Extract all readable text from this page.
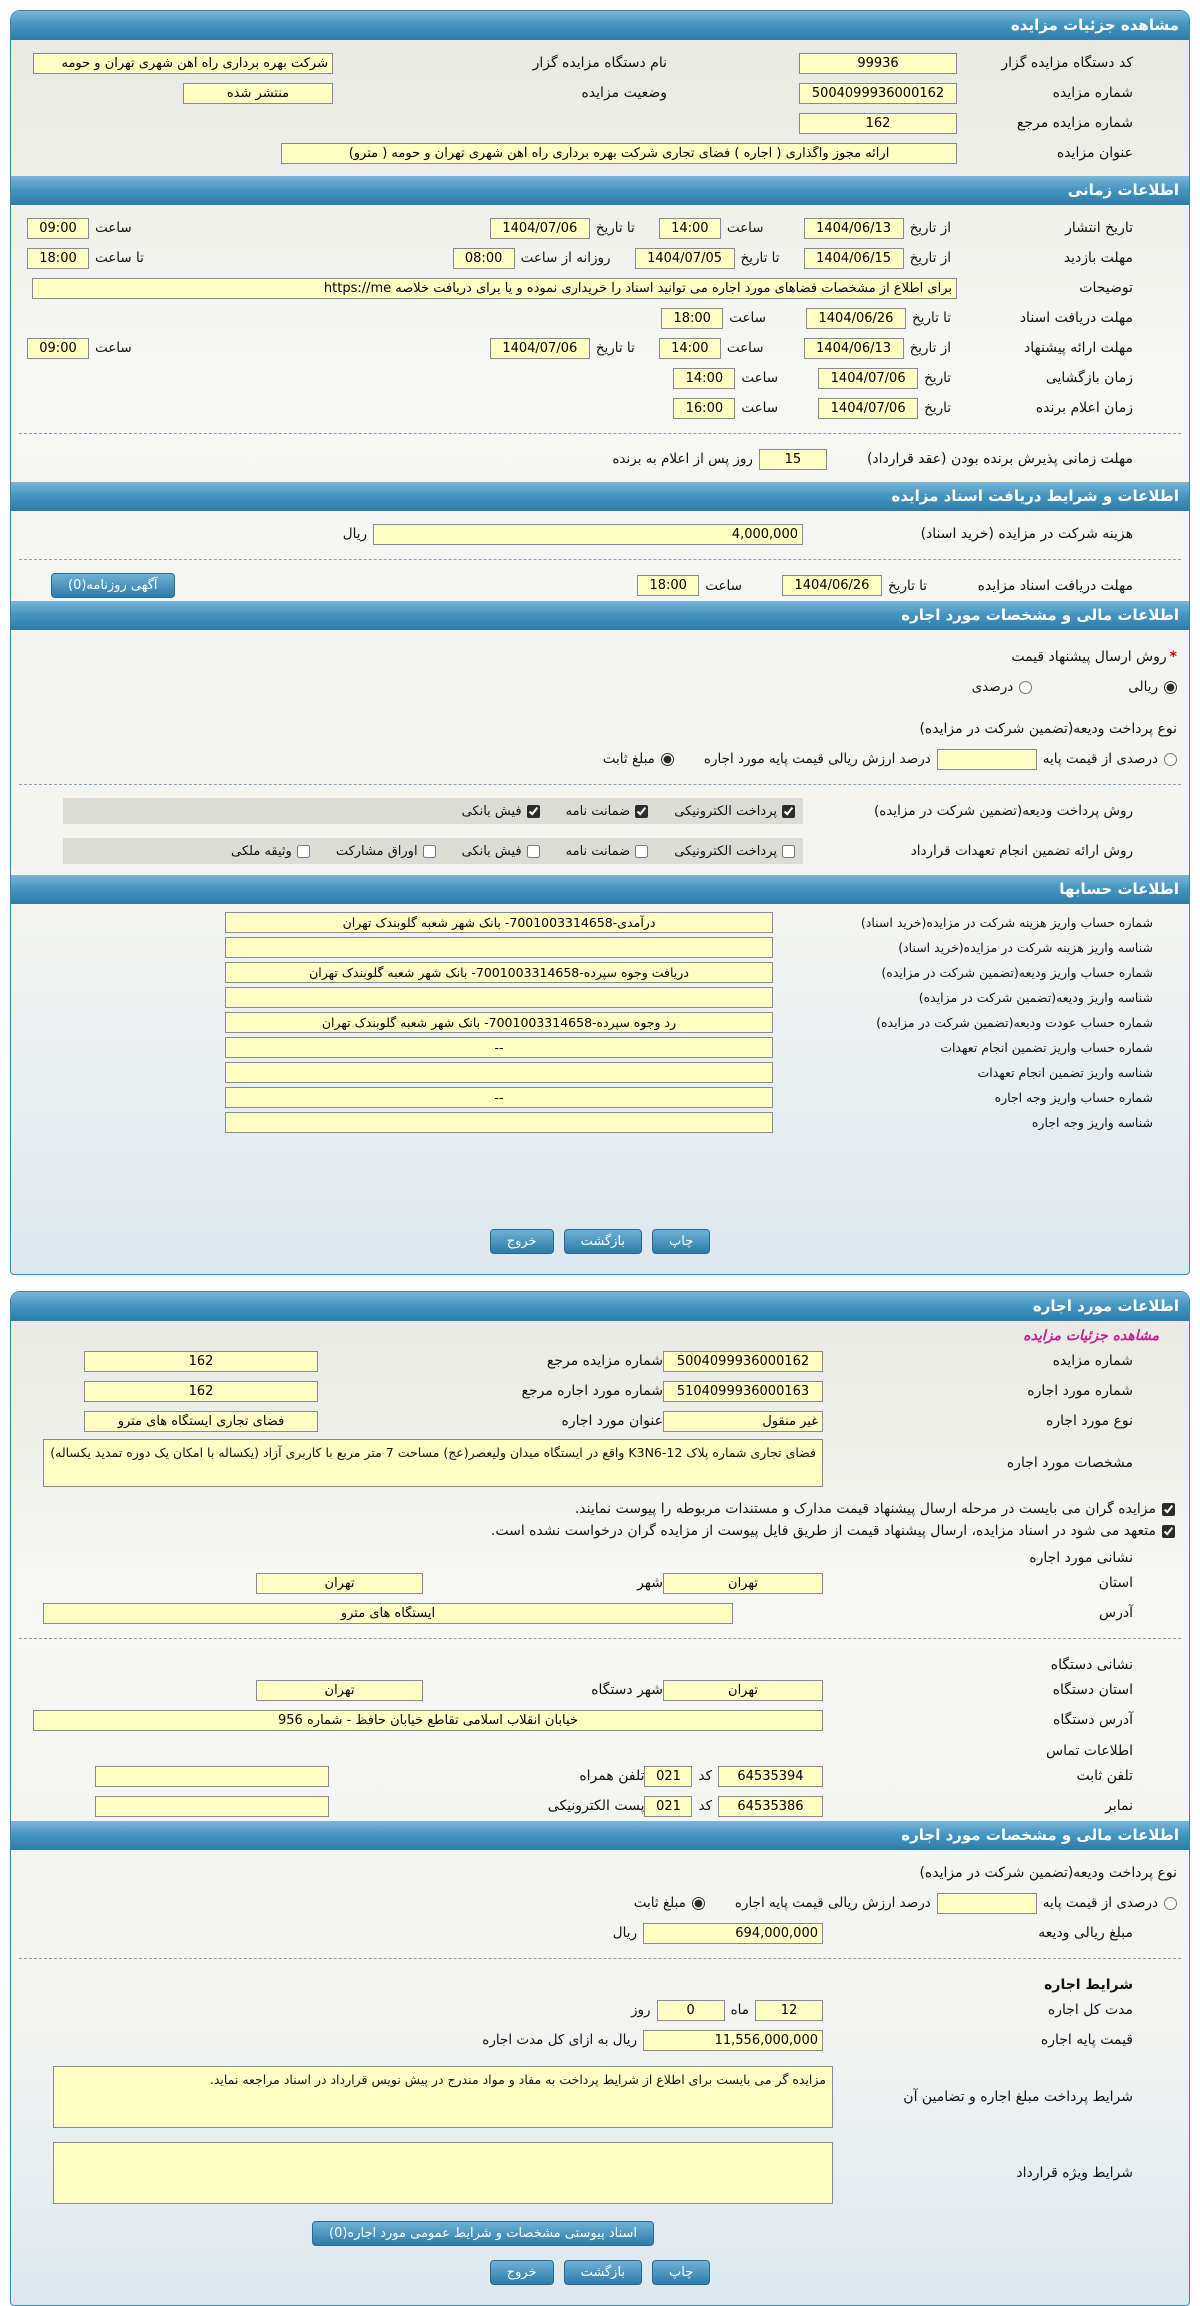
مشاهده جزئیات مزایده
کد دستگاه مزایده گزار
99936
نام دستگاه مزایده گزار
شرکت بهره برداری راه آهن شهری تهران و حومه
شماره مزایده
5004099936000162
وضعیت مزایده
منتشر شده
شماره مزایده مرجع
162
عنوان مزایده
ارائه مجوز واگذاری ( اجاره ) فضای تجاری شرکت بهره برداری راه آهن شهری تهران و حومه ( مترو)
اطلاعات زمانی
تاریخ انتشار
از تاریخ
1404/06/13
ساعت
14:00
تا تاریخ
1404/07/06
ساعت
09:00
مهلت بازدید
از تاریخ
1404/06/15
تا تاریخ
1404/07/05
روزانه از ساعت
08:00
تا ساعت
18:00
توضیحات
برای اطلاع از مشخصات فضاهای مورد اجاره می توانید اسناد را خریداری نموده و یا برای دریافت خلاصه https://me
مهلت دریافت اسناد
تا تاریخ
1404/06/26
ساعت
18:00
مهلت ارائه پیشنهاد
از تاریخ
1404/06/13
ساعت
14:00
تا تاریخ
1404/07/06
ساعت
09:00
زمان بازگشایی
تاریخ
1404/07/06
ساعت
14:00
زمان اعلام برنده
تاریخ
1404/07/06
ساعت
16:00
مهلت زمانی پذیرش برنده بودن (عقد قرارداد)
15
روز پس از اعلام به برنده
اطلاعات و شرایط دریافت اسناد مزایده
هزینه شرکت در مزایده (خرید اسناد)
4,000,000
ریال
مهلت دریافت اسناد مزایده
تا تاریخ
1404/06/26
ساعت
18:00
آگهی روزنامه(0)
اطلاعات مالی و مشخصات مورد اجاره
*
روش ارسال پیشنهاد قیمت
ریالی
درصدی
نوع پرداخت ودیعه(تضمین شرکت در مزایده)
درصدی از قیمت پایه
درصد ارزش ریالی قیمت پایه مورد اجاره
مبلغ ثابت
روش پرداخت ودیعه(تضمین شرکت در مزایده)
پرداخت الکترونیکی
ضمانت نامه
فیش بانکی
روش ارائه تضمین انجام تعهدات قرارداد
پرداخت الکترونیکی
ضمانت نامه
فیش بانکی
اوراق مشارکت
وثیقه ملکی
اطلاعات حسابها
شماره حساب واریز هزینه شرکت در مزایده(خرید اسناد)
درآمدی-7001003314658- بانک شهر شعبه گلوبندک تهران
شناسه واریز هزینه شرکت در مزایده(خرید اسناد)
شماره حساب واریز ودیعه(تضمین شرکت در مزایده)
دریافت وجوه سپرده-7001003314658- بانک شهر شعبه گلوبندک تهران
شناسه واریز ودیعه(تضمین شرکت در مزایده)
شماره حساب عودت ودیعه(تضمین شرکت در مزایده)
رد وجوه سپرده-7001003314658- بانک شهر شعبه گلوبندک تهران
شماره حساب واریز تضمین انجام تعهدات
--
شناسه واریز تضمین انجام تعهدات
شماره حساب واریز وجه اجاره
--
شناسه واریز وجه اجاره
چاپ
بازگشت
خروج
اطلاعات مورد اجاره
مشاهده جزئیات مزایده
شماره مزایده
5004099936000162
شماره مزایده مرجع
162
شماره مورد اجاره
5104099936000163
شماره مورد اجاره مرجع
162
نوع مورد اجاره
غیر منقول
عنوان مورد اجاره
فضای تجاری ایستگاه های مترو
مشخصات مورد اجاره
فضای تجاری شماره پلاک K3N6-12 واقع در ایستگاه میدان ولیعصر(عج) مساحت 7 متر مربع با کاربری آزاد (یکساله با امکان یک دوره تمدید یکساله)
مزایده گران می بایست در مرحله ارسال پیشنهاد قیمت مدارک و مستندات مربوطه را پیوست نمایند.
متعهد می شود در اسناد مزایده، ارسال پیشنهاد قیمت از طریق فایل پیوست از مزایده گران درخواست نشده است.
نشانی مورد اجاره
استان
تهران
شهر
تهران
آدرس
ایستگاه های مترو
نشانی دستگاه
استان دستگاه
تهران
شهر دستگاه
تهران
آدرس دستگاه
خیابان انقلاب اسلامی تقاطع خیابان حافظ - شماره 956
اطلاعات تماس
تلفن ثابت
64535394
کد
021
تلفن همراه
نمابر
64535386
کد
021
پست الکترونیکی
اطلاعات مالی و مشخصات مورد اجاره
نوع پرداخت ودیعه(تضمین شرکت در مزایده)
درصدی از قیمت پایه
درصد ارزش ریالی قیمت پایه اجاره
مبلغ ثابت
مبلغ ریالی ودیعه
694,000,000
ریال
شرایط اجاره
مدت کل اجاره
12
ماه
0
روز
قیمت پایه اجاره
11,556,000,000
ریال به ازای کل مدت اجاره
شرایط پرداخت مبلغ اجاره و تضامین آن
مزایده گر می بایست برای اطلاع از شرایط پرداخت به مفاد و مواد مندرج در پیش نویس قرارداد در اسناد مراجعه نماید.
شرایط ویژه قرارداد
اسناد پیوستی مشخصات و شرایط عمومی مورد اجاره(0)
چاپ
بازگشت
خروج
